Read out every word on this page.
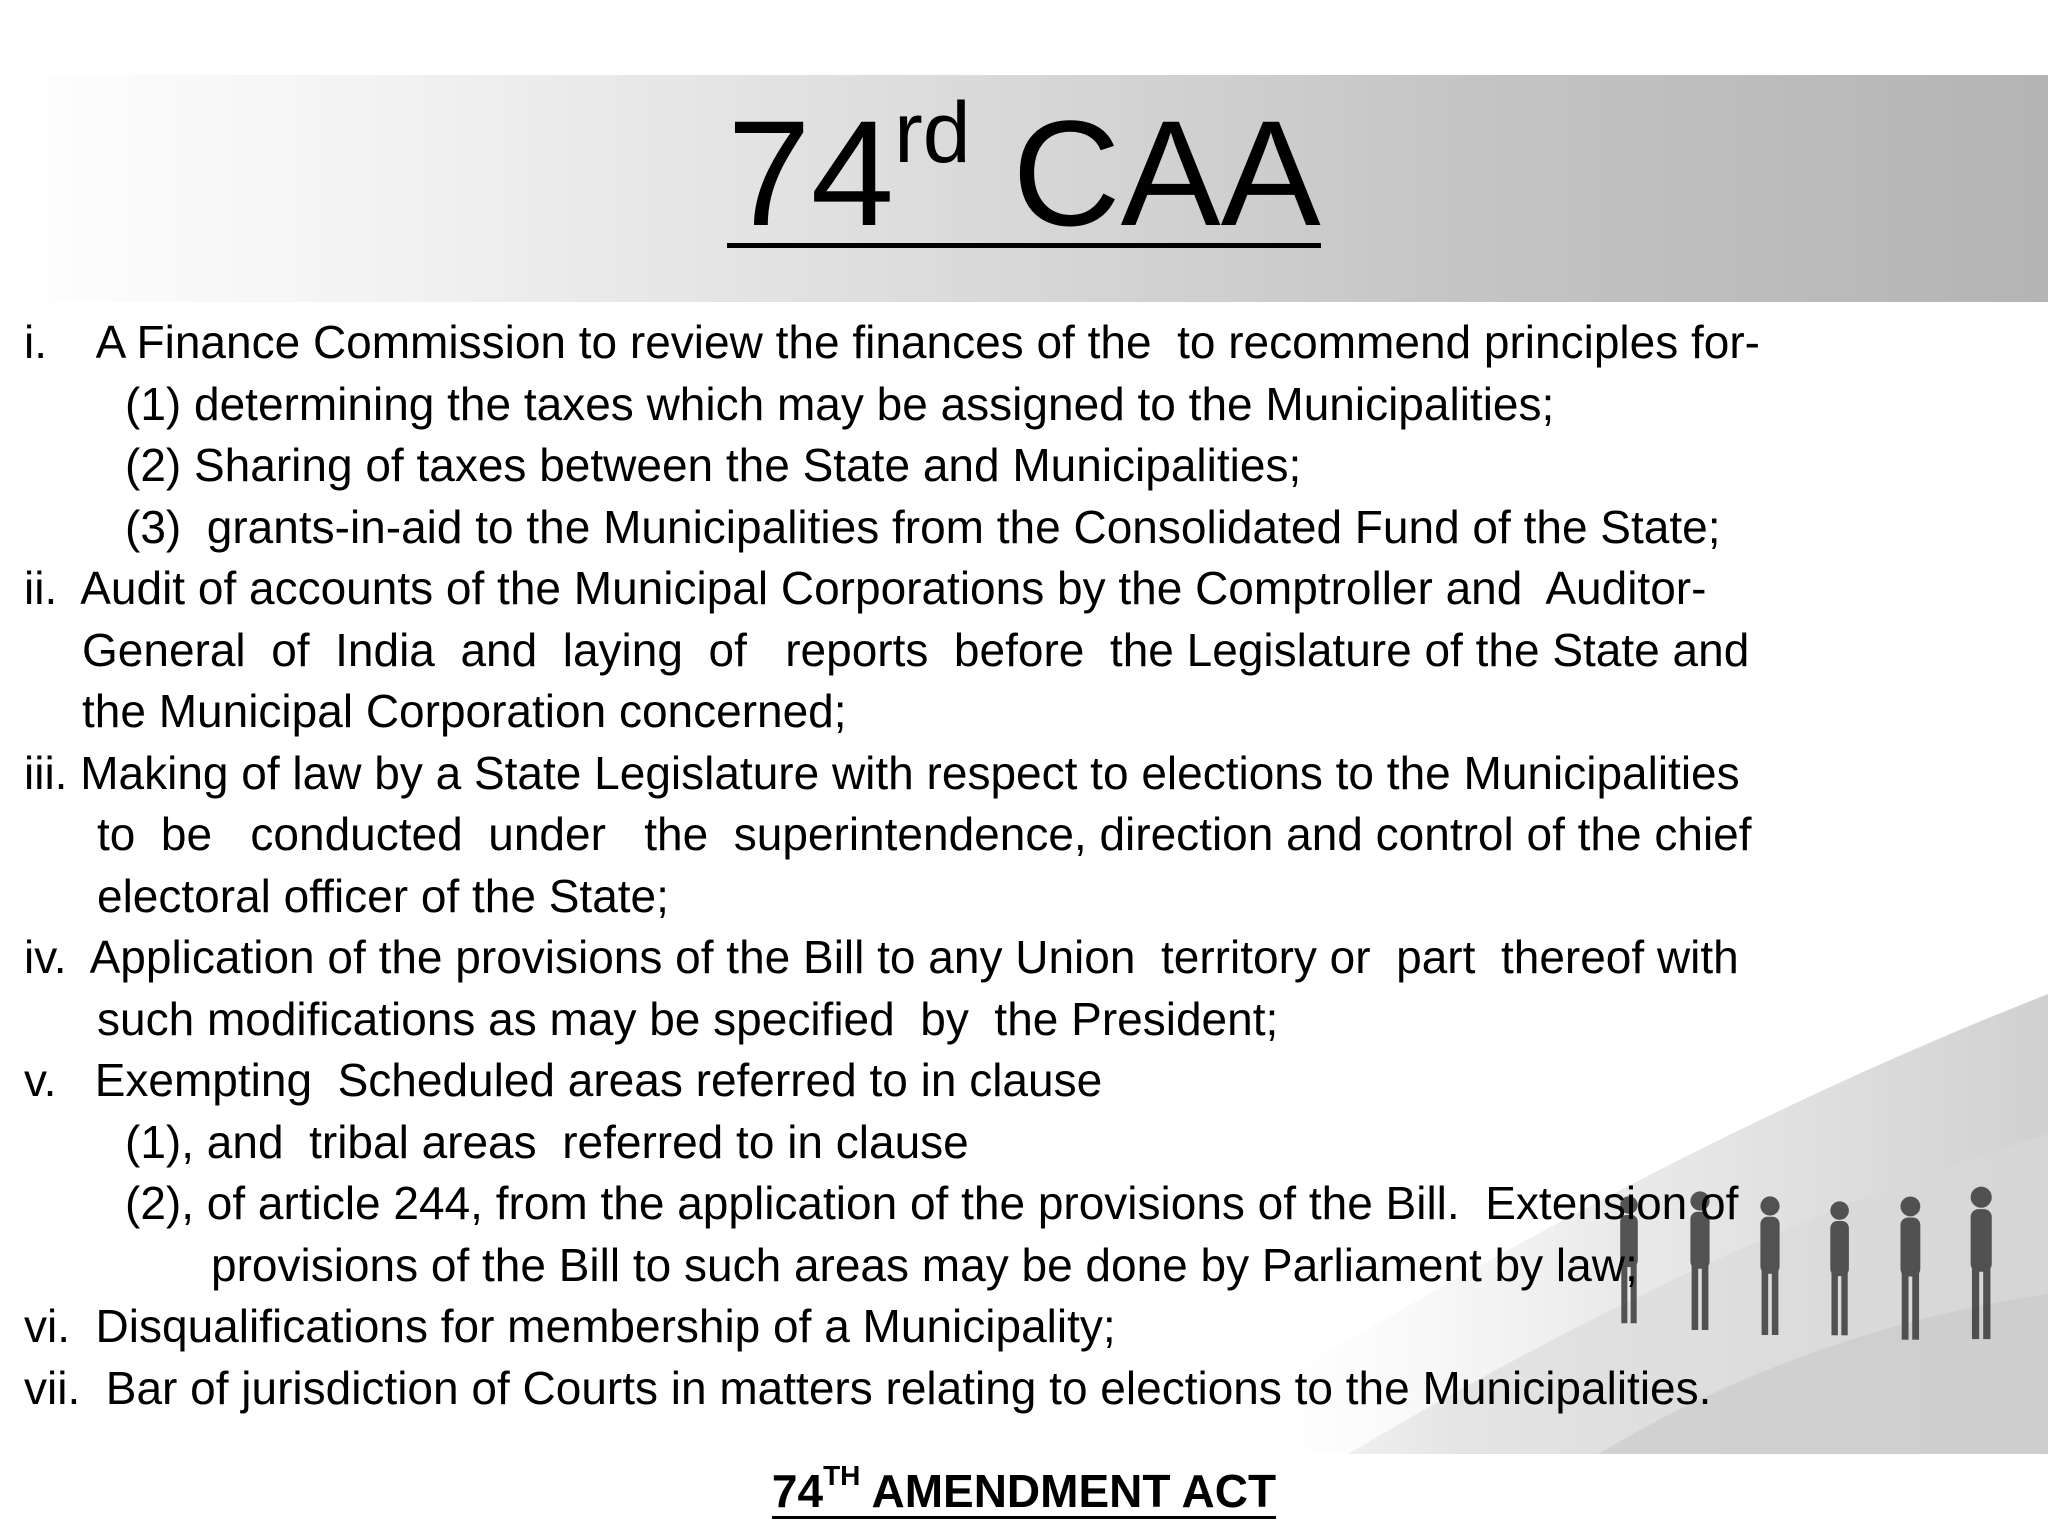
74rd CAA
i.    A Finance Commission to review the finances of the  to recommend principles for-
(1) determining the taxes which may be assigned to the Municipalities;
(2) Sharing of taxes between the State and Municipalities;
(3)  grants-in-aid to the Municipalities from the Consolidated Fund of the State;
ii.  Audit of accounts of the Municipal Corporations by the Comptroller and  Auditor-
General  of  India  and  laying  of   reports  before  the Legislature of the State and
the Municipal Corporation concerned;
iii. Making of law by a State Legislature with respect to elections to the Municipalities
to  be   conducted  under   the  superintendence, direction and control of the chief
electoral officer of the State;
iv.  Application of the provisions of the Bill to any Union  territory or  part  thereof with
such modifications as may be specified  by  the President;
v.   Exempting  Scheduled areas referred to in clause
(1), and  tribal areas  referred to in clause
(2), of article 244, from the application of the provisions of the Bill.  Extension of
provisions of the Bill to such areas may be done by Parliament by law;
vi.  Disqualifications for membership of a Municipality;
vii.  Bar of jurisdiction of Courts in matters relating to elections to the Municipalities.
74TH AMENDMENT ACT
